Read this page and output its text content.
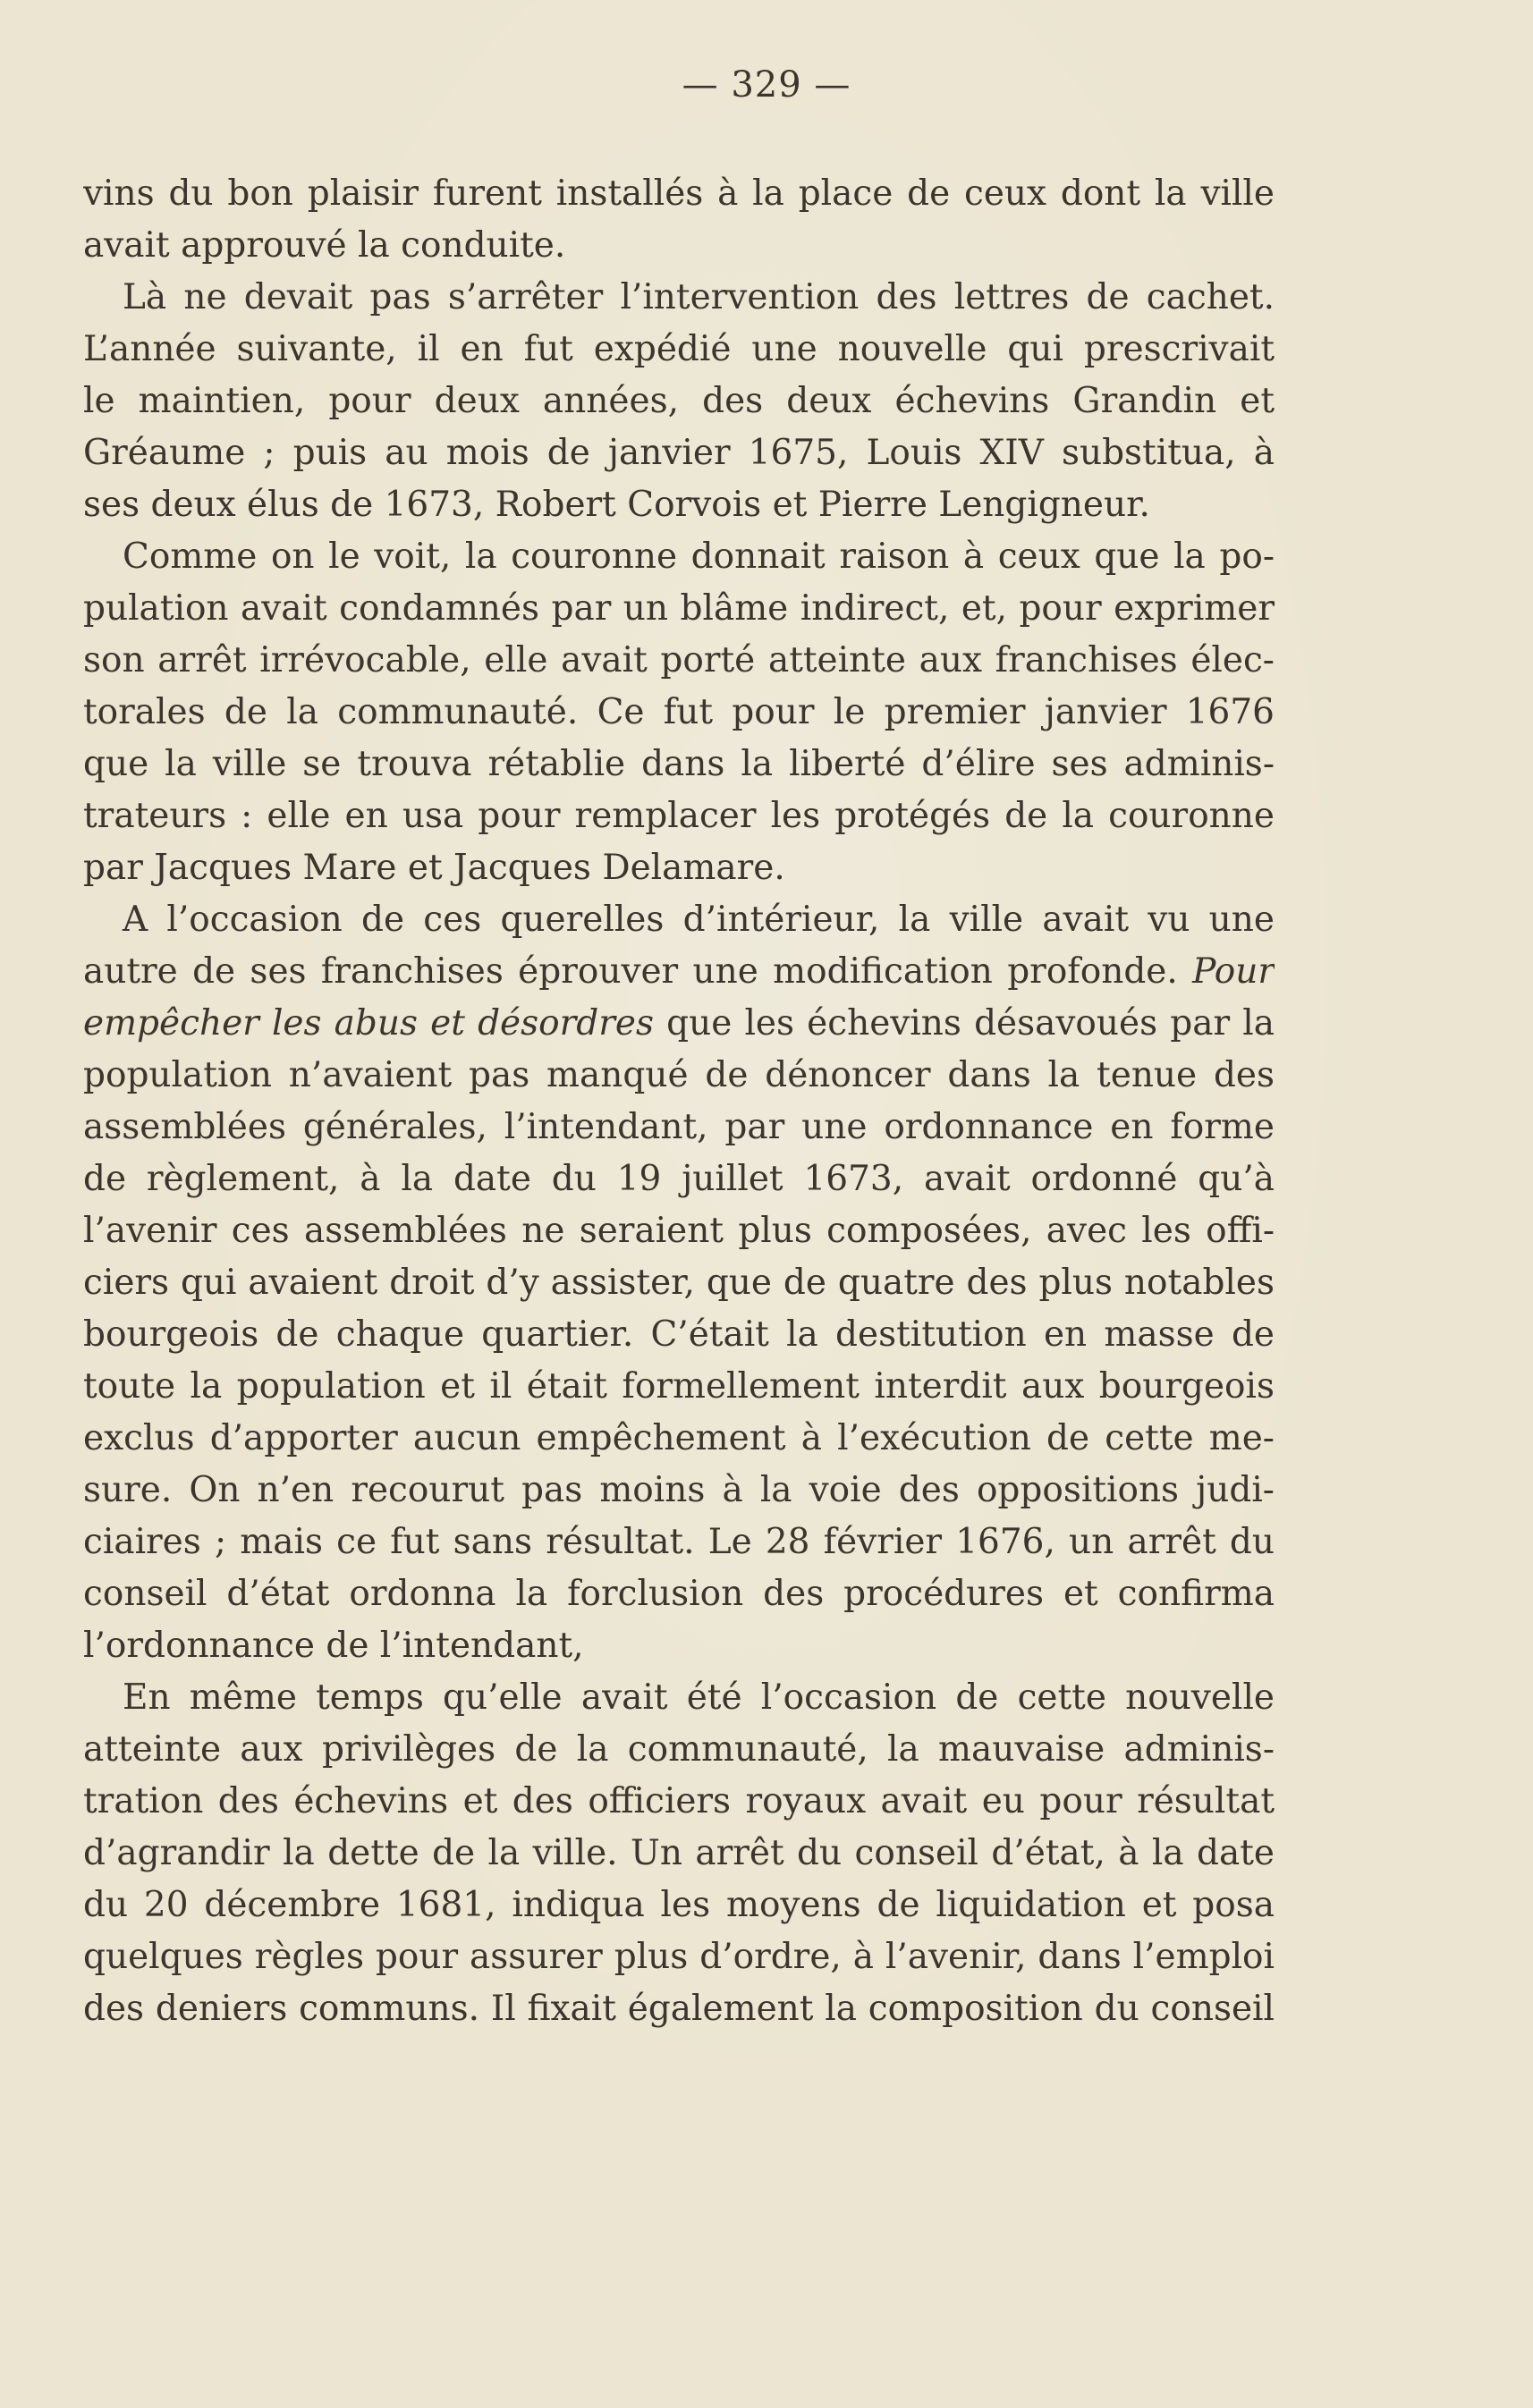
— 329 —
vins du bon plaisir furent installés à la place de ceux dont la ville
avait approuvé la conduite.
Là ne devait pas s’arrêter l’intervention des lettres de cachet.
L’année suivante, il en fut expédié une nouvelle qui prescrivait
le maintien, pour deux années, des deux échevins Grandin et
Gréaume ; puis au mois de janvier 1675, Louis XIV substitua, à
ses deux élus de 1673, Robert Corvois et Pierre Lengigneur.
Comme on le voit, la couronne donnait raison à ceux que la po-
pulation avait condamnés par un blâme indirect, et, pour exprimer
son arrêt irrévocable, elle avait porté atteinte aux franchises élec-
torales de la communauté. Ce fut pour le premier janvier 1676
que la ville se trouva rétablie dans la liberté d’élire ses adminis-
trateurs : elle en usa pour remplacer les protégés de la couronne
par Jacques Mare et Jacques Delamare.
A l’occasion de ces querelles d’intérieur, la ville avait vu une
autre de ses franchises éprouver une modification profonde. Pour
empêcher les abus et désordres que les échevins désavoués par la
population n’avaient pas manqué de dénoncer dans la tenue des
assemblées générales, l’intendant, par une ordonnance en forme
de règlement, à la date du 19 juillet 1673, avait ordonné qu’à
l’avenir ces assemblées ne seraient plus composées, avec les offi-
ciers qui avaient droit d’y assister, que de quatre des plus notables
bourgeois de chaque quartier. C’était la destitution en masse de
toute la population et il était formellement interdit aux bourgeois
exclus d’apporter aucun empêchement à l’exécution de cette me-
sure. On n’en recourut pas moins à la voie des oppositions judi-
ciaires ; mais ce fut sans résultat. Le 28 février 1676, un arrêt du
conseil d’état ordonna la forclusion des procédures et confirma
l’ordonnance de l’intendant,
En même temps qu’elle avait été l’occasion de cette nouvelle
atteinte aux privilèges de la communauté, la mauvaise adminis-
tration des échevins et des officiers royaux avait eu pour résultat
d’agrandir la dette de la ville. Un arrêt du conseil d’état, à la date
du 20 décembre 1681, indiqua les moyens de liquidation et posa
quelques règles pour assurer plus d’ordre, à l’avenir, dans l’emploi
des deniers communs. Il fixait également la composition du conseil
